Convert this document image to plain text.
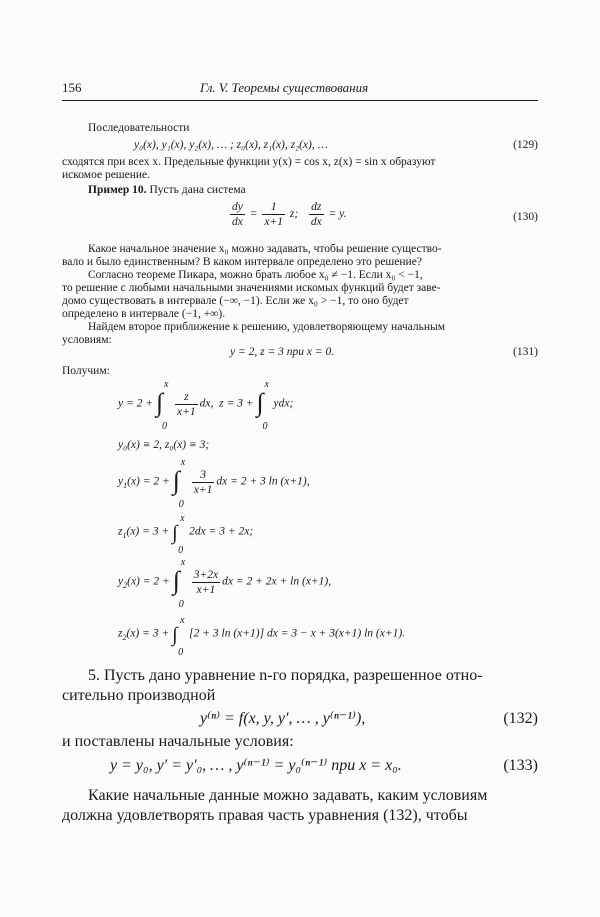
156	Гл. V. Теоремы существования
Последовательности
y₀(x), y₁(x), y₂(x), … ; z₀(x), z₁(x), z₂(x), …	(129)
сходятся при всех x. Предельные функции y(x) = cos x, z(x) = sin x образуют
искомое решение.
Пример 10. Пусть дана система
$\frac{dy}{dx} = \frac{1}{x+1} z$; $\frac{dz}{dx} = y$.	(130)
Какое начальное значение x₀ можно задавать, чтобы решение существо-
вало и было единственным? В каком интервале определено это решение?
Согласно теореме Пикара, можно брать любое x₀ ≠ −1. Если x₀ < −1,
то решение с любыми начальными значениями искомых функций будет заве-
домо существовать в интервале (−∞, −1). Если же x₀ > −1, то оно будет
определено в интервале (−1, +∞).
Найдем второе приближение к решению, удовлетворяющему начальным
условиям:
y = 2, z = 3 при x = 0.	(131)
Получим:
y = 2 +
x
∫
0
$\frac{z}{x+1}$ dx,  z = 3 +
x
∫
0
ydx;
y₀(x) ≡ 2, z₀(x) ≡ 3;
$y_1(x) = 2$ +
x
∫
0
$\frac{3}{x+1}$ dx = 2 + 3 ln (x+1),
$z_1(x) = 3$ +
x
∫
0
2dx = 3 + 2x;
$y_2(x) = 2$ +
x
∫
0
$\frac{3+2x}{x+1}$ dx = 2 + 2x + ln (x+1),
$z_2(x) = 3$ +
x
∫
0
[2 + 3 ln (x+1)] dx = 3 − x + 3(x+1) ln (x+1).
5. Пусть дано уравнение n-го порядка, разрешенное отно-
сительно производной
y⁽ⁿ⁾ = f(x, y, y′, … , y⁽ⁿ⁻¹⁾),	(132)
и поставлены начальные условия:
y = y₀, y′ = y′₀, … , y⁽ⁿ⁻¹⁾ = y₀⁽ⁿ⁻¹⁾ при x = x₀.	(133)
Какие начальные данные можно задавать, каким условиям
должна удовлетворять правая часть уравнения (132), чтобы
